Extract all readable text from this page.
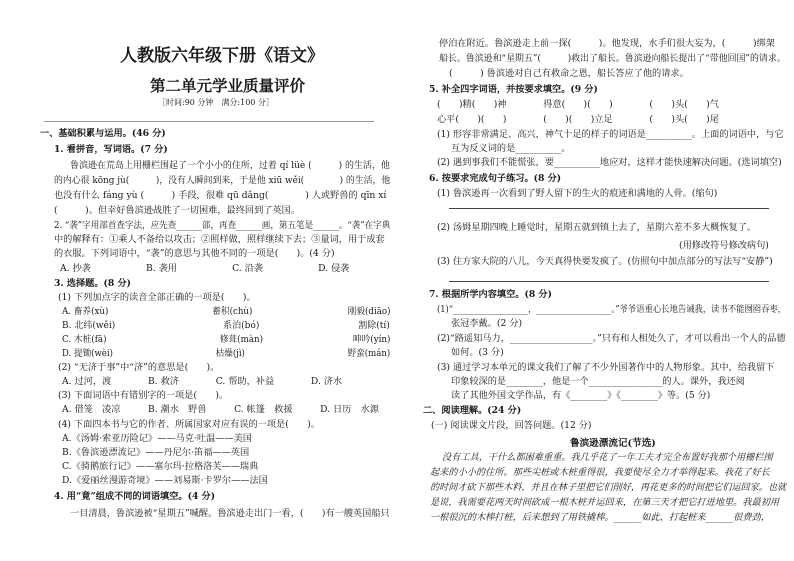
人教版六年级下册《语文》
第二单元学业质量评价
［时间:90 分钟　满分:100 分］
一、基础积累与运用。(46 分)
1. 看拼音，写词语。(7 分)
鲁滨逊在荒岛上用栅栏围起了一个小小的住所，过着 qí lüè (　　　) 的生活，他
的内心很 kōng jù(　　　)，没有人瞬间到来，于是他 xiū wěi(　　　　) 的生活，他
也没有什么 fáng yù (　　　) 手段，很难 qū dǎng(　　　　) 人或野兽的 qīn xí
(　　　)。但幸好鲁滨逊战胜了一切困难，最终回到了英国。
2. “袭”字用部首查字法，应先查______部，再查______画，第五笔是______。“袭”在字典
中的解释有：①乘人不备给以攻击；②照样做，照样继续下去；③量词，用于成套
的衣服。下列词语中，“袭”的意思与其他不同的一项是(　　)。(4 分)
A. 抄袭　　　　　　B. 袭用　　　　　　C. 沿袭　　　　　　D. 侵袭
3. 选择题。(8 分)
(1) 下列加点字的读音全部正确的一项是(　　)。
A. 畜养(xù)　　　　　　　　　　　　蓄积(chù)　　　　　　　　　　　刚毅(diāo)
B. 北纬(wěi)　　　　　　　　　　　　系泊(bó)　　　　　　　　　　　割除(tí)
C. 木桩(fā)　　　　　　　　　　　　　修葺(màn)　　　　　　　　　　 呻吟(yín)
D. 提锄(wèi)　　　　　　　　　　　　枯燥(jì)　　　　　　　　　　　　野蛮(mán)
(2) “无济于事”中“济”的意思是(　　)。
A. 过河，渡　　　　B. 救济　　　　C. 帮助，补益　　　　D. 济水
(3) 下面词语中有错别字的一项是(　　)。
A. 借笼　凌凉　　　B. 潮水　野兽　　　C. 帐篷　救援　　　D. 日历　水源
(4) 下面四本书与它的作者、所属国家对应有误的一项是(　　)。
A.《汤姆·索亚历险记》——马克·吐温——美国
B.《鲁滨逊漂流记》——丹尼尔·笛福——英国
C.《骑鹅旅行记》——塞尔玛·拉格洛芙——瑞典
D.《爱丽丝漫游奇境》——刘易斯·卡罗尔——法国
4. 用“竟”组成不同的词语填空。(4 分)
一目清晨，鲁滨逊被“星期五”喊醒。鲁滨逊走出门一看，(　　)有一艘英国船只
停泊在附近。鲁滨逊走上前一探(　　　)。他发现，水手们很大妄为，(　　　)绑架
船长。鲁滨逊和“星期五”(　　　)救出了船长。鲁滨逊向船长提出了“带他回国”的请求。
(　　　) 鲁滨逊对自己有救命之恩，船长答应了他的请求。
5. 补全四字词语，并按要求填空。(9 分)
(　　)精(　　)神　　　　得意(　　)(　　)　　　　(　　)头(　　)气
心平(　　)(　　)　　　　(　　)(　　)立足　　　　(　　)头(　　)尾
(1) 形容非常满足、高兴，神气十足的样子的词语是__________。上面的词语中，与它
互为反义词的是__________。
(2) 遇到事我们不能慌张，要__________地应对，这样才能快速解决问题。(选词填空)
6. 按要求完成句子练习。(8 分)
(1) 鲁滨逊再一次看到了野人留下的生火的痕迹和满地的人骨。(缩句)
(2) 汤姆星期四晚上睡觉时，星期五就到镇上去了，星期六差不多大概恢复了。
(用修改符号修改病句)
(3) 住方家大院的八儿，今天真得快要发疯了。(仿照句中加点部分的写法写“安静”)
7. 根据所学内容填空。(8 分)
(1)“__________________，__________________。”爷爷语重心长地告诫我，读书不能囫囵吞枣，
张冠李戴。(2 分)
(2)“路遥知马力，__________________。”只有和人相处久了，才可以看出一个人的品德
如何。(3 分)
(3) 通过学习本单元的课文我们了解了不少外国著作中的人物形象。其中，给我留下
印象较深的是________，他是一个________________的人。课外，我还阅
读了其他外国文学作品，有《________》《________》等。(5 分)
二、阅读理解。(24 分)
(一) 阅读课文片段，回答问题。(12 分)
鲁滨逊漂流记(节选)
没有工具，干什么都困难重重。我几乎花了一年工夫才完全布置好我那个用栅栏围
起来的小小的住所。那些尖桩或木桩重得很，我要使尽全力才举得起来。我花了好长
的时间才砍下那些木料，并且在林子里把它们削好，再花更多的时间把它们运回家。也就
是说，我需要花两天时间砍成一根木桩并运回来，在第三天才把它打进地里。我最初用
一根很沉的木棒打桩，后来想到了用铁撬棒。______如此，打起桩来______很费劲，
